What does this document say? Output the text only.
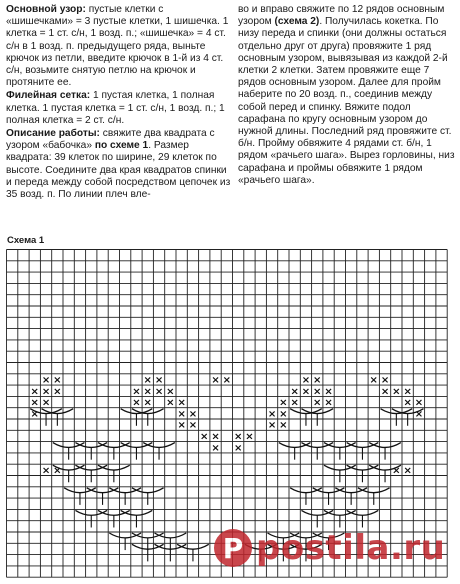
Основной узор: пустые клетки с «шишечками» = 3 пустые клетки, 1 шишечка. 1 клетка = 1 ст. с/н, 1 возд. п.; «шишечка» = 4 ст. с/н в 1 возд. п. предыдущего ряда, выньте крючок из петли, введите крючок в 1-й из 4 ст. с/н, возьмите снятую петлю на крючок и протяните ее.

Филейная сетка: 1 пустая клетка, 1 полная клетка. 1 пустая клетка = 1 ст. с/н, 1 возд. п.; 1 полная клетка = 2 ст. с/н.

Описание работы: свяжите два квадрата с узором «бабочка» по схеме 1. Размер квадрата: 39 клеток по ширине, 29 клеток по высоте. Соедините два края квадратов спинки и переда между собой посредством цепочек из 35 возд. п. По линии плеч вле-

во и вправо свяжите по 12 рядов основным узором (схема 2). Получилась кокетка. По низу переда и спинки (они должны остаться отдельно друг от друга) провяжите 1 ряд основным узором, вывязывая из каждой 2-й клетки 2 клетки. Затем провяжите еще 7 рядов основным узором. Далее для пройм наберите по 20 возд. п., соединив между собой перед и спинку. Вяжите подол сарафана по кругу основным узором до нужной длины. Последний ряд провяжите ст. б/н. Пройму обвяжите 4 рядами ст. б/н, 1 рядом «рачьего шага». Вырез горловины, низ сарафана и проймы обвяжите 1 рядом «рачьего шага».

Схема 1
× ×	× ×	× ×	× ×	× ×
× × ×	× × × ×	× × × ×	× × ×
× ×	× × × ×	× × × ×	× ×
×	× ×	× ×	×
× ×	× ×
× × × ×
× ×
× ×	× ×
P postila.ru
